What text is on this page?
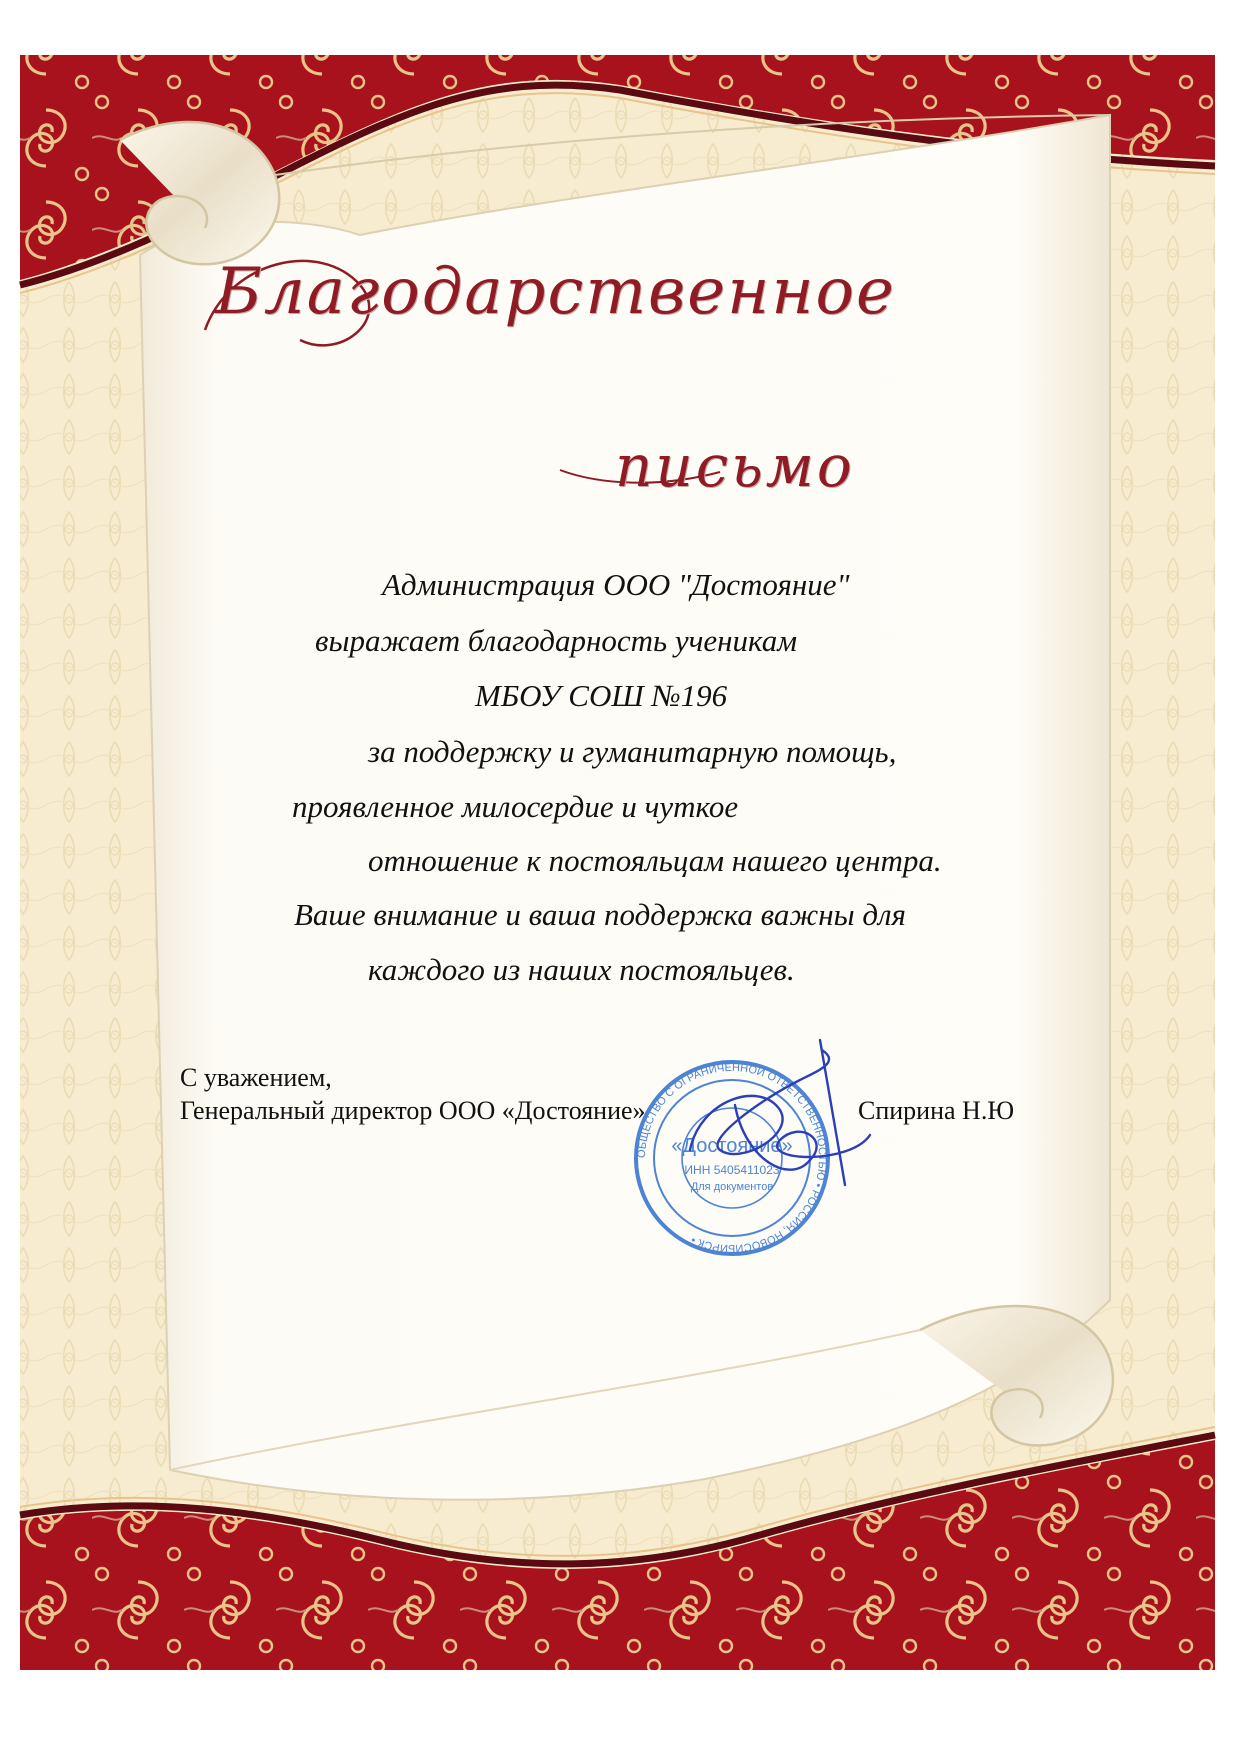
ОБЩЕСТВО С ОГРАНИЧЕННОЙ ОТВЕТСТВЕННОСТЬЮ • РОССИЯ, НОВОСИБИРСК •
«Достояние»
ИНН 5405411023
Для документов
Благодарственное
письмо
Администрация ООО "Достояние"
выражает благодарность ученикам
МБОУ СОШ №196
за поддержку и гуманитарную помощь,
проявленное милосердие и чуткое
отношение к постояльцам нашего центра.
Ваше внимание и ваша поддержка важны для
каждого из наших постояльцев.
С уважением,
Генеральный директор ООО «Достояние»	Спирина Н.Ю
